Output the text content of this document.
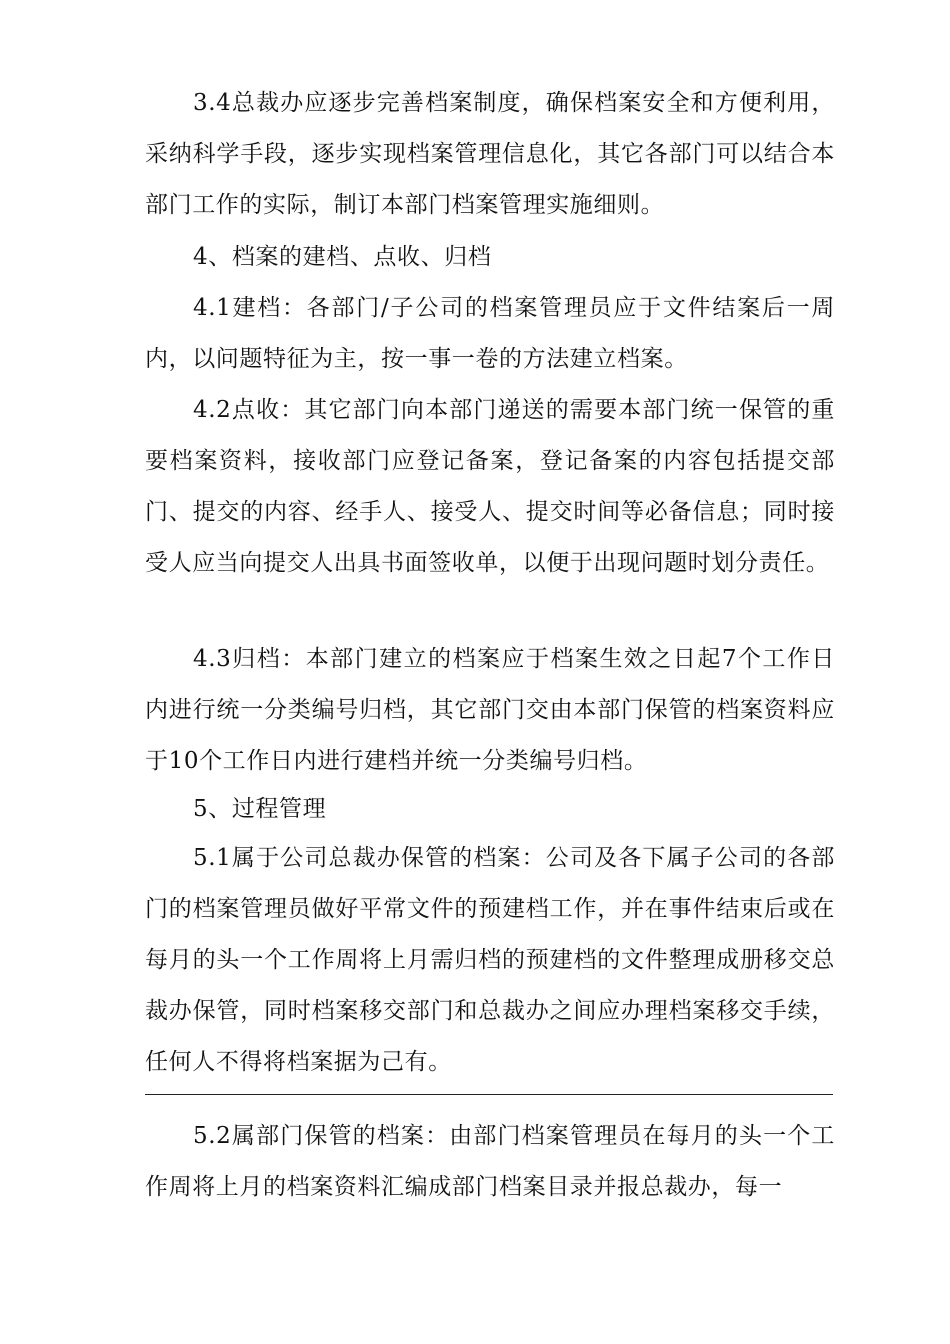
3.4总裁办应逐步完善档案制度，确保档案安全和方便利用，采纳科学手段，逐步实现档案管理信息化，其它各部门可以结合本部门工作的实际，制订本部门档案管理实施细则。

4、档案的建档、点收、归档

4.1建档：各部门/子公司的档案管理员应于文件结案后一周内，以问题特征为主，按一事一卷的方法建立档案。

4.2点收：其它部门向本部门递送的需要本部门统一保管的重要档案资料，接收部门应登记备案，登记备案的内容包括提交部门、提交的内容、经手人、接受人、提交时间等必备信息；同时接受人应当向提交人出具书面签收单，以便于出现问题时划分责任。

4.3归档：本部门建立的档案应于档案生效之日起7个工作日内进行统一分类编号归档，其它部门交由本部门保管的档案资料应于10个工作日内进行建档并统一分类编号归档。

5、过程管理

5.1属于公司总裁办保管的档案：公司及各下属子公司的各部门的档案管理员做好平常文件的预建档工作，并在事件结束后或在每月的头一个工作周将上月需归档的预建档的文件整理成册移交总裁办保管，同时档案移交部门和总裁办之间应办理档案移交手续，任何人不得将档案据为己有。

5.2属部门保管的档案：由部门档案管理员在每月的头一个工作周将上月的档案资料汇编成部门档案目录并报总裁办，每一
